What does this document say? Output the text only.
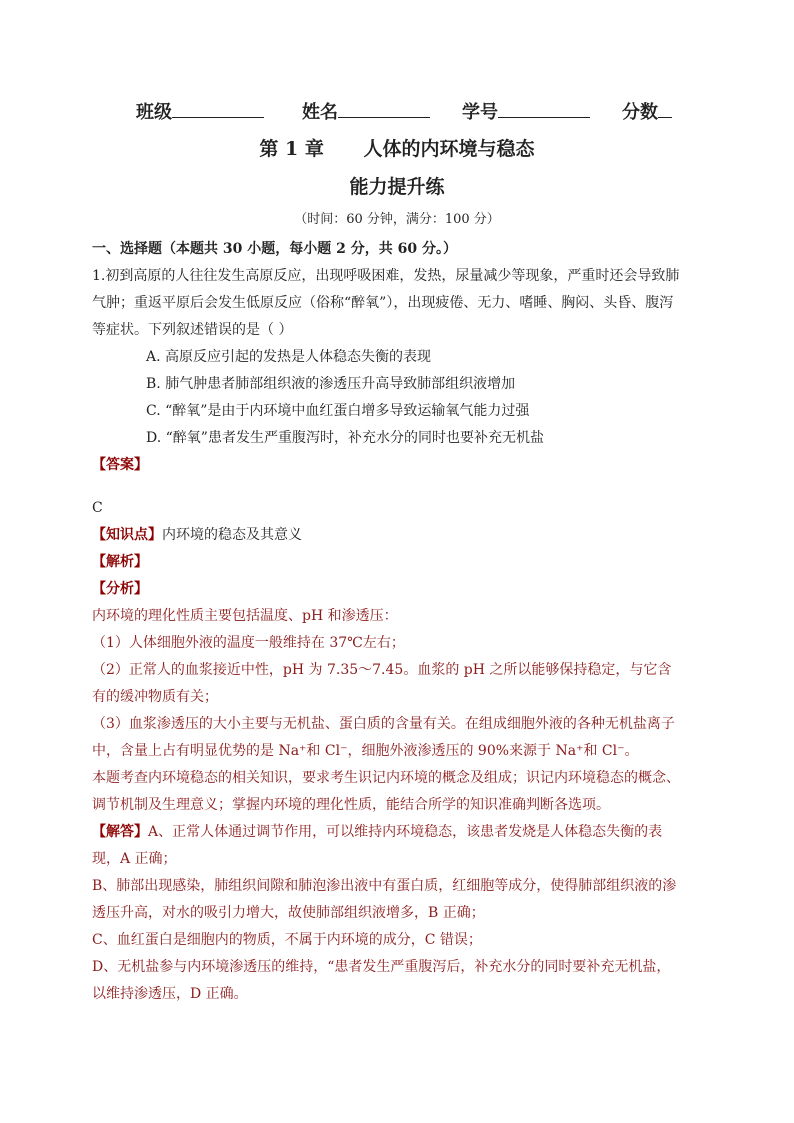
班级	姓名	学号	分数
第 1 章      人体的内环境与稳态
能力提升练
（时间：60 分钟，满分：100 分）

一、选择题（本题共 30 小题，每小题 2 分，共 60 分。）

1.初到高原的人往往发生高原反应，出现呼吸困难，发热，尿量减少等现象，严重时还会导致肺气肿；重返平原后会发生低原反应（俗称“醉氧”），出现疲倦、无力、嗜睡、胸闷、头昏、腹泻等症状。下列叙述错误的是（ ）

A. 高原反应引起的发热是人体稳态失衡的表现

B. 肺气肿患者肺部组织液的渗透压升高导致肺部组织液增加

C. “醉氧”是由于内环境中血红蛋白增多导致运输氧气能力过强

D. “醉氧”患者发生严重腹泻时，补充水分的同时也要补充无机盐

【答案】

C

【知识点】内环境的稳态及其意义

【解析】

【分析】

内环境的理化性质主要包括温度、pH 和渗透压：

（1）人体细胞外液的温度一般维持在 37℃左右；

（2）正常人的血浆接近中性，pH 为 7.35～7.45。血浆的 pH 之所以能够保持稳定，与它含有的缓冲物质有关；

（3）血浆渗透压的大小主要与无机盐、蛋白质的含量有关。在组成细胞外液的各种无机盐离子中，含量上占有明显优势的是 Na⁺和 Cl⁻，细胞外液渗透压的 90%来源于 Na⁺和 Cl⁻。

本题考查内环境稳态的相关知识，要求考生识记内环境的概念及组成；识记内环境稳态的概念、调节机制及生理意义；掌握内环境的理化性质，能结合所学的知识准确判断各选项。

【解答】A、正常人体通过调节作用，可以维持内环境稳态，该患者发烧是人体稳态失衡的表现，A 正确；

B、肺部出现感染，肺组织间隙和肺泡渗出液中有蛋白质，红细胞等成分，使得肺部组织液的渗透压升高，对水的吸引力增大，故使肺部组织液增多，B 正确；

C、血红蛋白是细胞内的物质，不属于内环境的成分，C 错误；

D、无机盐参与内环境渗透压的维持，“患者发生严重腹泻后，补充水分的同时要补充无机盐，以维持渗透压，D 正确。
